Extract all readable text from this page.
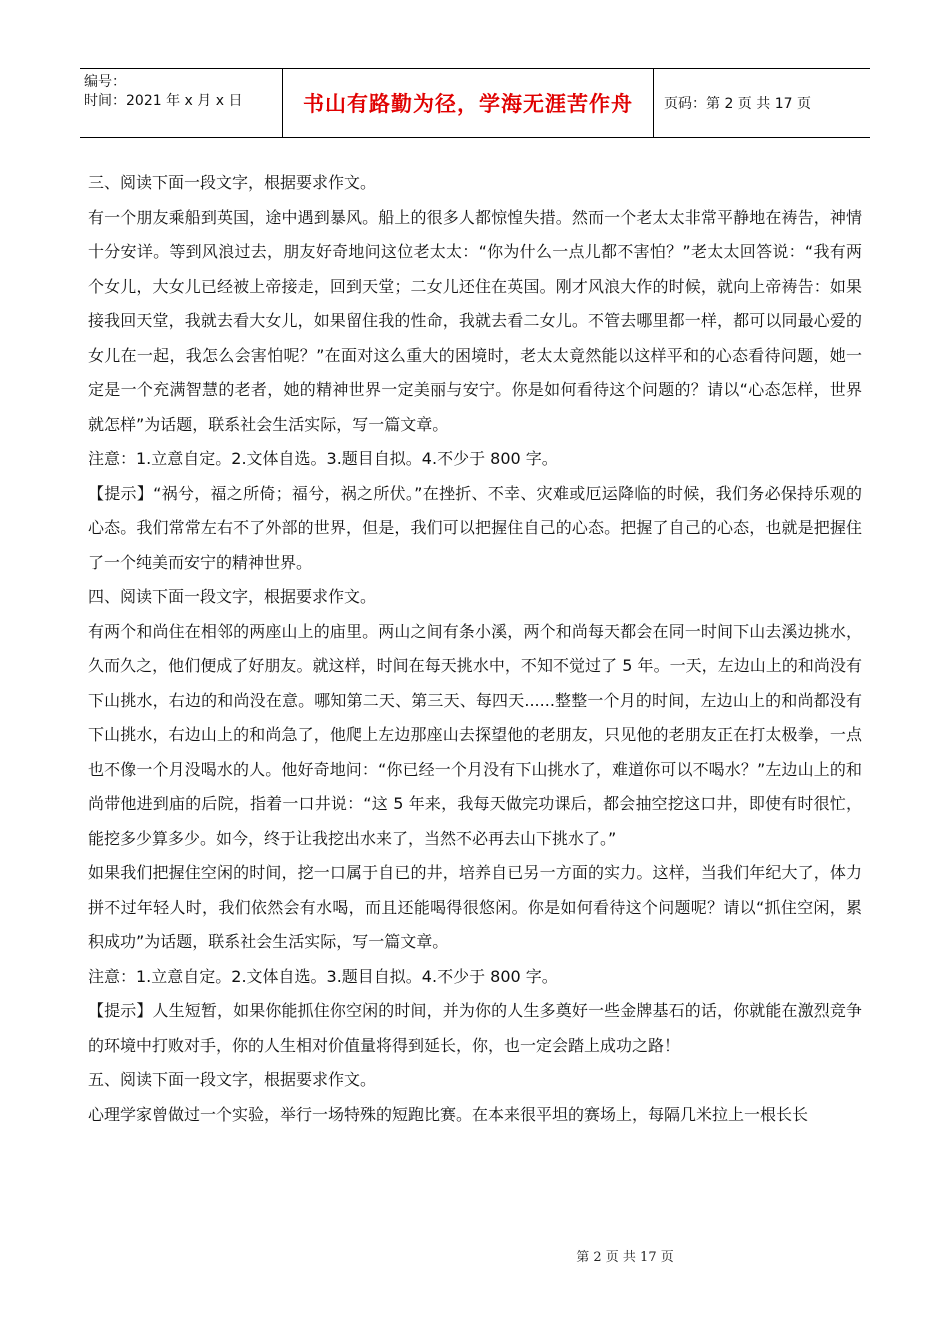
编号：
时间：2021 年 x 月 x 日	书山有路勤为径，学海无涯苦作舟	页码：第 2 页 共 17 页

三、阅读下面一段文字，根据要求作文。

有一个朋友乘船到英国，途中遇到暴风。船上的很多人都惊惶失措。然而一个老太太非常平静地在祷告，神情十分安详。等到风浪过去，朋友好奇地问这位老太太：“你为什么一点儿都不害怕？”老太太回答说：“我有两个女儿，大女儿已经被上帝接走，回到天堂；二女儿还住在英国。刚才风浪大作的时候，就向上帝祷告：如果接我回天堂，我就去看大女儿，如果留住我的性命，我就去看二女儿。不管去哪里都一样，都可以同最心爱的女儿在一起，我怎么会害怕呢？”在面对这么重大的困境时，老太太竟然能以这样平和的心态看待问题，她一定是一个充满智慧的老者，她的精神世界一定美丽与安宁。你是如何看待这个问题的？请以“心态怎样，世界就怎样”为话题，联系社会生活实际，写一篇文章。

注意：1.立意自定。2.文体自选。3.题目自拟。4.不少于 800 字。

【提示】“祸兮，福之所倚；福兮，祸之所伏。”在挫折、不幸、灾难或厄运降临的时候，我们务必保持乐观的心态。我们常常左右不了外部的世界，但是，我们可以把握住自己的心态。把握了自己的心态，也就是把握住了一个纯美而安宁的精神世界。

四、阅读下面一段文字，根据要求作文。

有两个和尚住在相邻的两座山上的庙里。两山之间有条小溪，两个和尚每天都会在同一时间下山去溪边挑水，久而久之，他们便成了好朋友。就这样，时间在每天挑水中，不知不觉过了 5 年。一天，左边山上的和尚没有下山挑水，右边的和尚没在意。哪知第二天、第三天、每四天......整整一个月的时间，左边山上的和尚都没有下山挑水，右边山上的和尚急了，他爬上左边那座山去探望他的老朋友，只见他的老朋友正在打太极拳，一点也不像一个月没喝水的人。他好奇地问：“你已经一个月没有下山挑水了，难道你可以不喝水？”左边山上的和尚带他进到庙的后院，指着一口井说：“这 5 年来，我每天做完功课后，都会抽空挖这口井，即使有时很忙，能挖多少算多少。如今，终于让我挖出水来了，当然不必再去山下挑水了。”

如果我们把握住空闲的时间，挖一口属于自已的井，培养自已另一方面的实力。这样，当我们年纪大了，体力拼不过年轻人时，我们依然会有水喝，而且还能喝得很悠闲。你是如何看待这个问题呢？请以“抓住空闲，累积成功”为话题，联系社会生活实际，写一篇文章。

注意：1.立意自定。2.文体自选。3.题目自拟。4.不少于 800 字。

【提示】人生短暂，如果你能抓住你空闲的时间，并为你的人生多奠好一些金牌基石的话，你就能在激烈竞争的环境中打败对手，你的人生相对价值量将得到延长，你，也一定会踏上成功之路！

五、阅读下面一段文字，根据要求作文。

心理学家曾做过一个实验，举行一场特殊的短跑比赛。在本来很平坦的赛场上，每隔几米拉上一根长长

第 2 页 共 17 页
